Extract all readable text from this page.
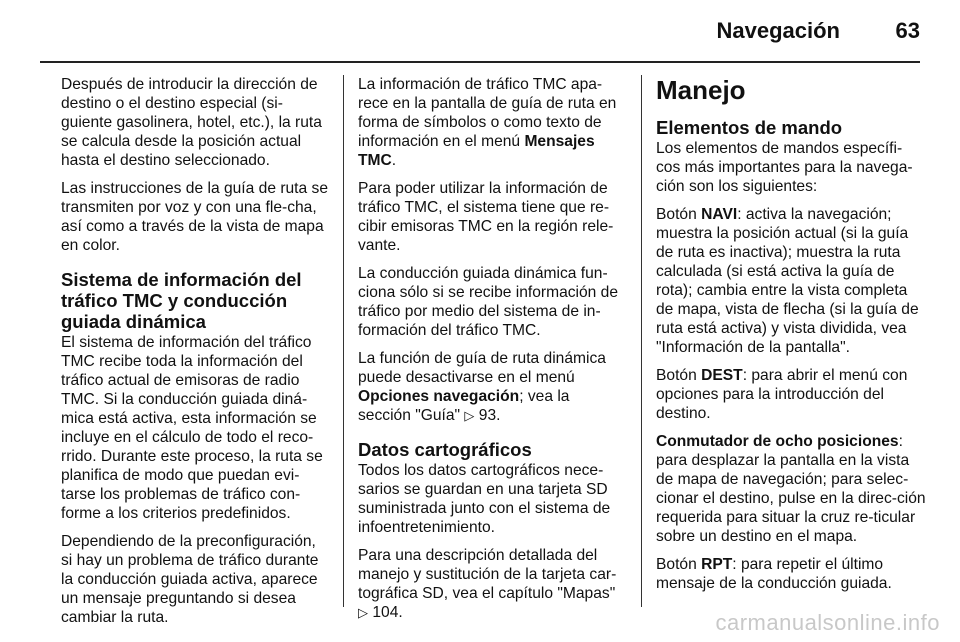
Navegación	63

Después de introducir la dirección de destino o el destino especial (si-guiente gasolinera, hotel, etc.), la ruta se calcula desde la posición actual hasta el destino seleccionado.

Las instrucciones de la guía de ruta se transmiten por voz y con una fle-cha, así como a través de la vista de mapa en color.

Sistema de información del tráfico TMC y conducción guiada dinámica

El sistema de información del tráfico TMC recibe toda la información del tráfico actual de emisoras de radio TMC. Si la conducción guiada diná-mica está activa, esta información se incluye en el cálculo de todo el reco-rrido. Durante este proceso, la ruta se planifica de modo que puedan evi-tarse los problemas de tráfico con-forme a los criterios predefinidos.

Dependiendo de la preconfiguración, si hay un problema de tráfico durante la conducción guiada activa, aparece un mensaje preguntando si desea cambiar la ruta.

La información de tráfico TMC apa-rece en la pantalla de guía de ruta en forma de símbolos o como texto de información en el menú Mensajes TMC.

Para poder utilizar la información de tráfico TMC, el sistema tiene que re-cibir emisoras TMC en la región rele-vante.

La conducción guiada dinámica fun-ciona sólo si se recibe información de tráfico por medio del sistema de in-formación del tráfico TMC.

La función de guía de ruta dinámica puede desactivarse en el menú Opciones navegación; vea la sección "Guía" ▷ 93.

Datos cartográficos

Todos los datos cartográficos nece-sarios se guardan en una tarjeta SD suministrada junto con el sistema de infoentretenimiento.

Para una descripción detallada del manejo y sustitución de la tarjeta car-tográfica SD, vea el capítulo "Mapas" ▷ 104.

Manejo
Elementos de mando

Los elementos de mandos específi-cos más importantes para la navega-ción son los siguientes:

Botón NAVI: activa la navegación; muestra la posición actual (si la guía de ruta es inactiva); muestra la ruta calculada (si está activa la guía de rota); cambia entre la vista completa de mapa, vista de flecha (si la guía de ruta está activa) y vista dividida, vea "Información de la pantalla".

Botón DEST: para abrir el menú con opciones para la introducción del destino.

Conmutador de ocho posiciones: para desplazar la pantalla en la vista de mapa de navegación; para selec-cionar el destino, pulse en la direc-ción requerida para situar la cruz re-ticular sobre un destino en el mapa.

Botón RPT: para repetir el último mensaje de la conducción guiada.

carmanualsonline.info
